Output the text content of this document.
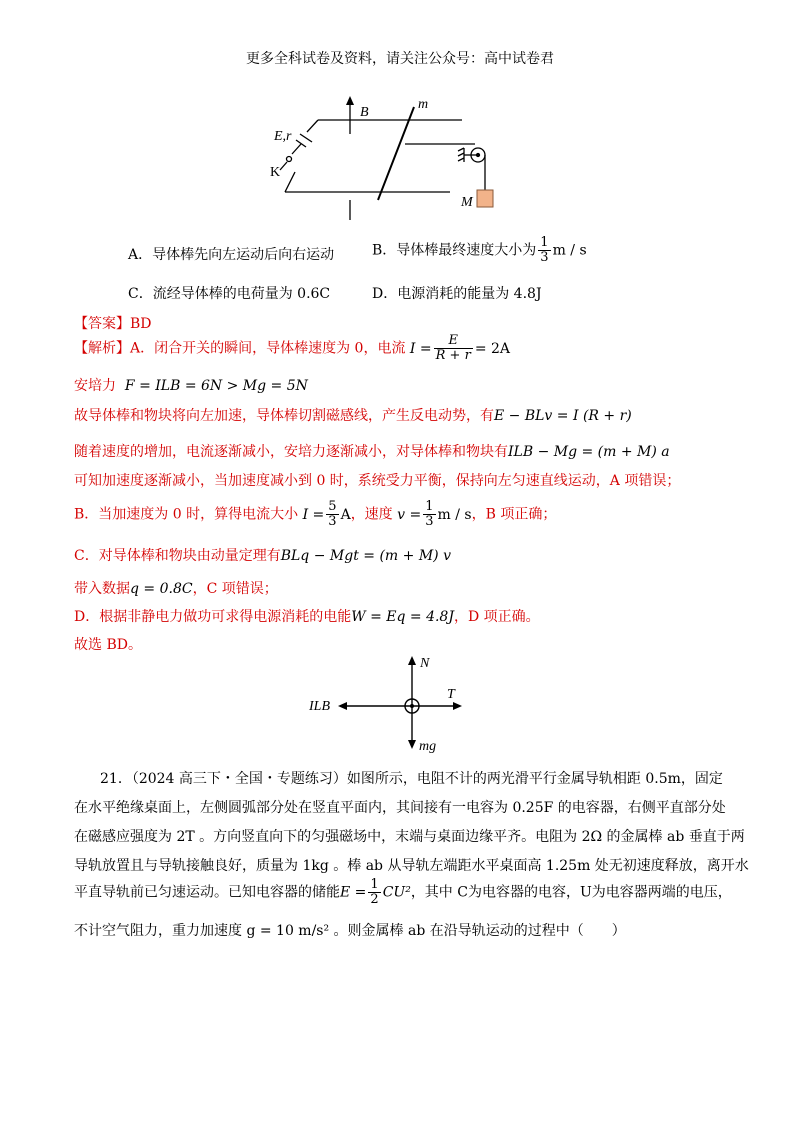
更多全科试卷及资料，请关注公众号：高中试卷君
B
m
E,r
K
M
A．导体棒先向左运动后向右运动	B．导体棒最终速度大小为 $\frac{1}{3}$ m / s
C．流经导体棒的电荷量为 0.6C	D．电源消耗的能量为 4.8J
【答案】BD
【解析】A．闭合开关的瞬间，导体棒速度为 0，电流 $I = \frac{E}{R + r} = 2A$
安培力 F = ILB = 6N > Mg = 5N
故导体棒和物块将向左加速，导体棒切割磁感线，产生反电动势，有E − BLv = I (R + r)
随着速度的增加，电流逐渐减小，安培力逐渐减小，对导体棒和物块有ILB − Mg = (m + M) a
可知加速度逐渐减小，当加速度减小到 0 时，系统受力平衡，保持向左匀速直线运动，A 项错误；
B．当加速度为 0 时，算得电流大小 $I = \frac{5}{3}$ A，速度 $v = \frac{1}{3}$ m / s，B 项正确；
C．对导体棒和物块由动量定理有BLq − Mgt = (m + M) v
带入数据q = 0.8C，C 项错误；
D．根据非静电力做功可求得电源消耗的电能W = Eq = 4.8J，D 项正确。
故选 BD。
N
ILB
T
mg
21．（2024 高三下・全国・专题练习）如图所示，电阻不计的两光滑平行金属导轨相距 0.5m，固定
在水平绝缘桌面上，左侧圆弧部分处在竖直平面内，其间接有一电容为 0.25F 的电容器，右侧平直部分处
在磁感应强度为 2T 。方向竖直向下的匀强磁场中，末端与桌面边缘平齐。电阻为 2Ω 的金属棒 ab 垂直于两
导轨放置且与导轨接触良好，质量为 1kg 。棒 ab 从导轨左端距水平桌面高 1.25m 处无初速度释放，离开水
平直导轨前已匀速运动。已知电容器的储能$E = \frac{1}{2} CU^2$，其中 C为电容器的电容，U为电容器两端的电压，
不计空气阻力，重力加速度 g = 10 m/s² 。则金属棒 ab 在沿导轨运动的过程中（　　）
